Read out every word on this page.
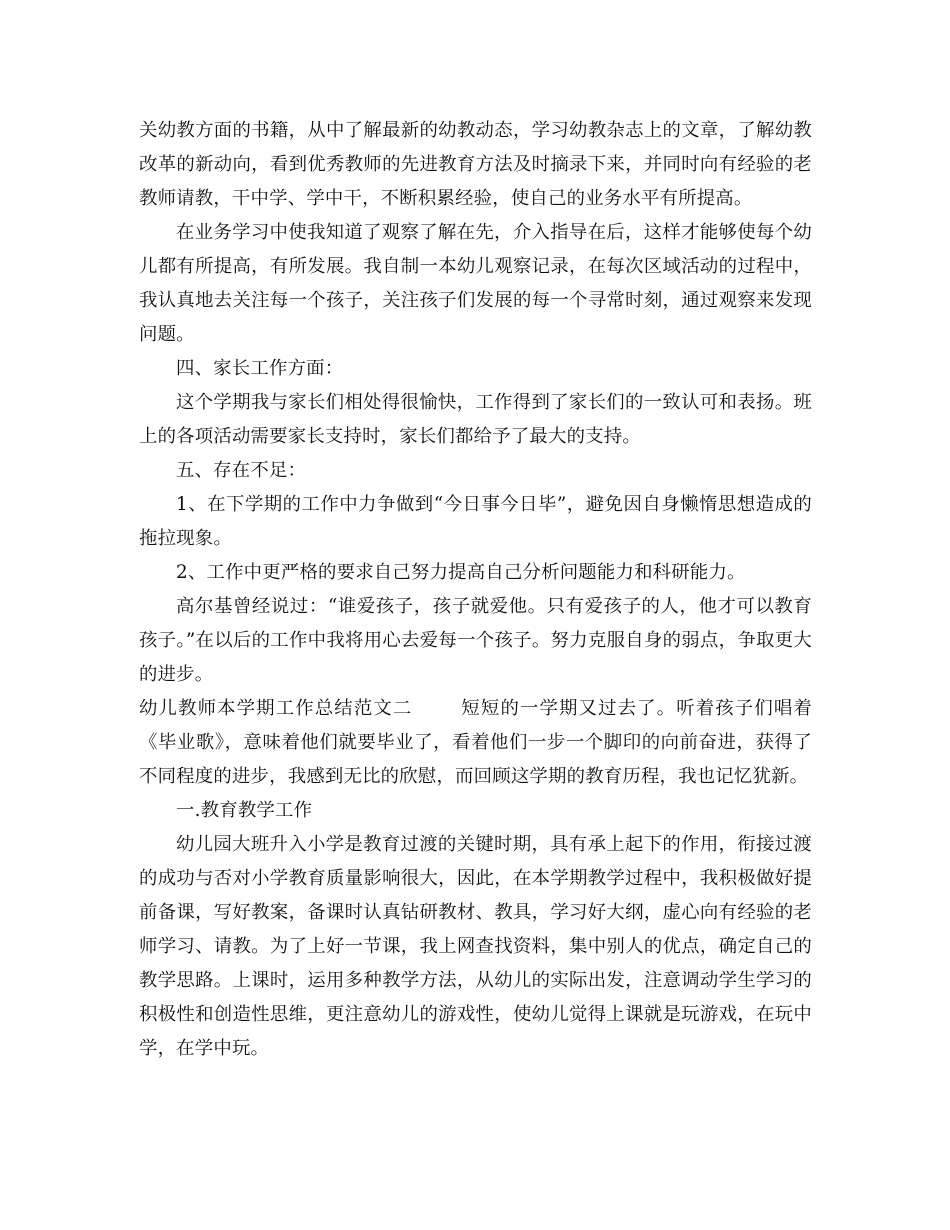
关幼教方面的书籍，从中了解最新的幼教动态，学习幼教杂志上的文章，了解幼教改革的新动向，看到优秀教师的先进教育方法及时摘录下来，并同时向有经验的老教师请教，干中学、学中干，不断积累经验，使自己的业务水平有所提高。

在业务学习中使我知道了观察了解在先，介入指导在后，这样才能够使每个幼儿都有所提高，有所发展。我自制一本幼儿观察记录，在每次区域活动的过程中，我认真地去关注每一个孩子，关注孩子们发展的每一个寻常时刻，通过观察来发现问题。

四、家长工作方面：

这个学期我与家长们相处得很愉快，工作得到了家长们的一致认可和表扬。班上的各项活动需要家长支持时，家长们都给予了最大的支持。

五、存在不足：

1、在下学期的工作中力争做到“今日事今日毕”，避免因自身懒惰思想造成的拖拉现象。

2、工作中更严格的要求自己努力提高自己分析问题能力和科研能力。

高尔基曾经说过：“谁爱孩子，孩子就爱他。只有爱孩子的人，他才可以教育孩子。”在以后的工作中我将用心去爱每一个孩子。努力克服自身的弱点，争取更大的进步。

幼儿教师本学期工作总结范文二	短短的一学期又过去了。听着孩子们唱着《毕业歌》，意味着他们就要毕业了，看着他们一步一个脚印的向前奋进，获得了不同程度的进步，我感到无比的欣慰，而回顾这学期的教育历程，我也记忆犹新。

一.教育教学工作

幼儿园大班升入小学是教育过渡的关键时期，具有承上起下的作用，衔接过渡的成功与否对小学教育质量影响很大，因此，在本学期教学过程中，我积极做好提前备课，写好教案，备课时认真钻研教材、教具，学习好大纲，虚心向有经验的老师学习、请教。为了上好一节课，我上网查找资料，集中别人的优点，确定自己的教学思路。上课时，运用多种教学方法，从幼儿的实际出发，注意调动学生学习的积极性和创造性思维，更注意幼儿的游戏性，使幼儿觉得上课就是玩游戏，在玩中学，在学中玩。
